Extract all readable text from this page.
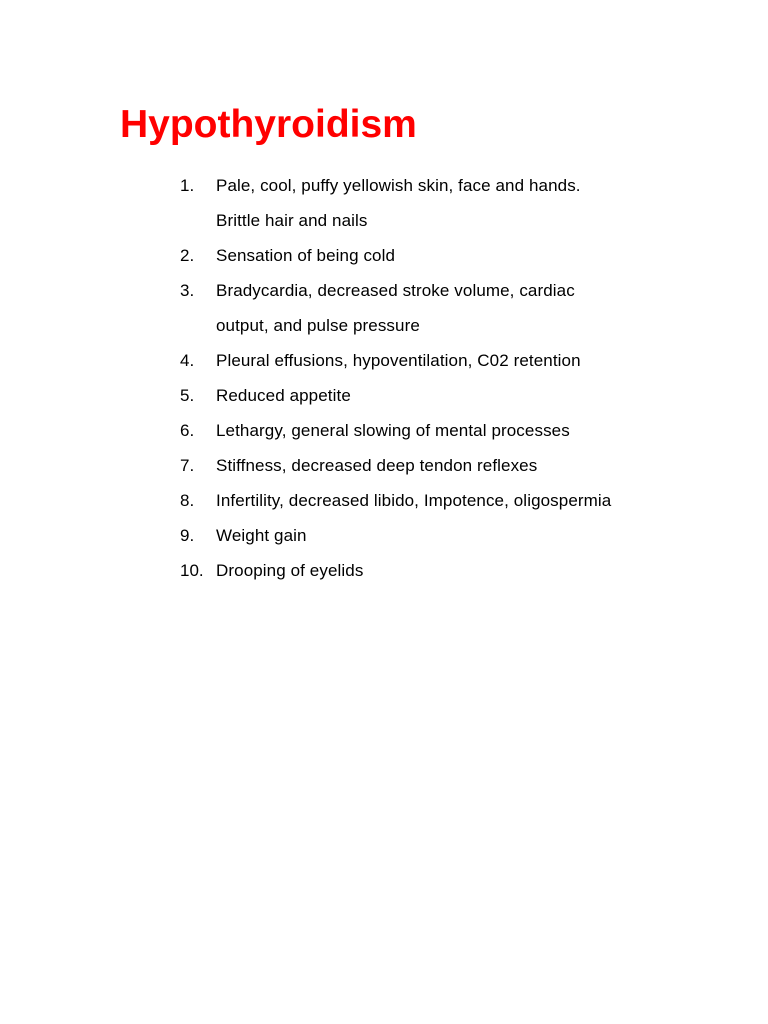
Hypothyroidism
1.	Pale, cool, puffy yellowish skin, face and hands. Brittle hair and nails
2.	Sensation of being cold
3.	Bradycardia, decreased stroke volume, cardiac output, and pulse pressure
4.	Pleural effusions, hypoventilation, C02 retention
5.	Reduced appetite
6.	Lethargy, general slowing of mental processes
7.	Stiffness, decreased deep tendon reflexes
8.	Infertility, decreased libido, Impotence, oligospermia
9.	Weight gain
10. Drooping of eyelids
